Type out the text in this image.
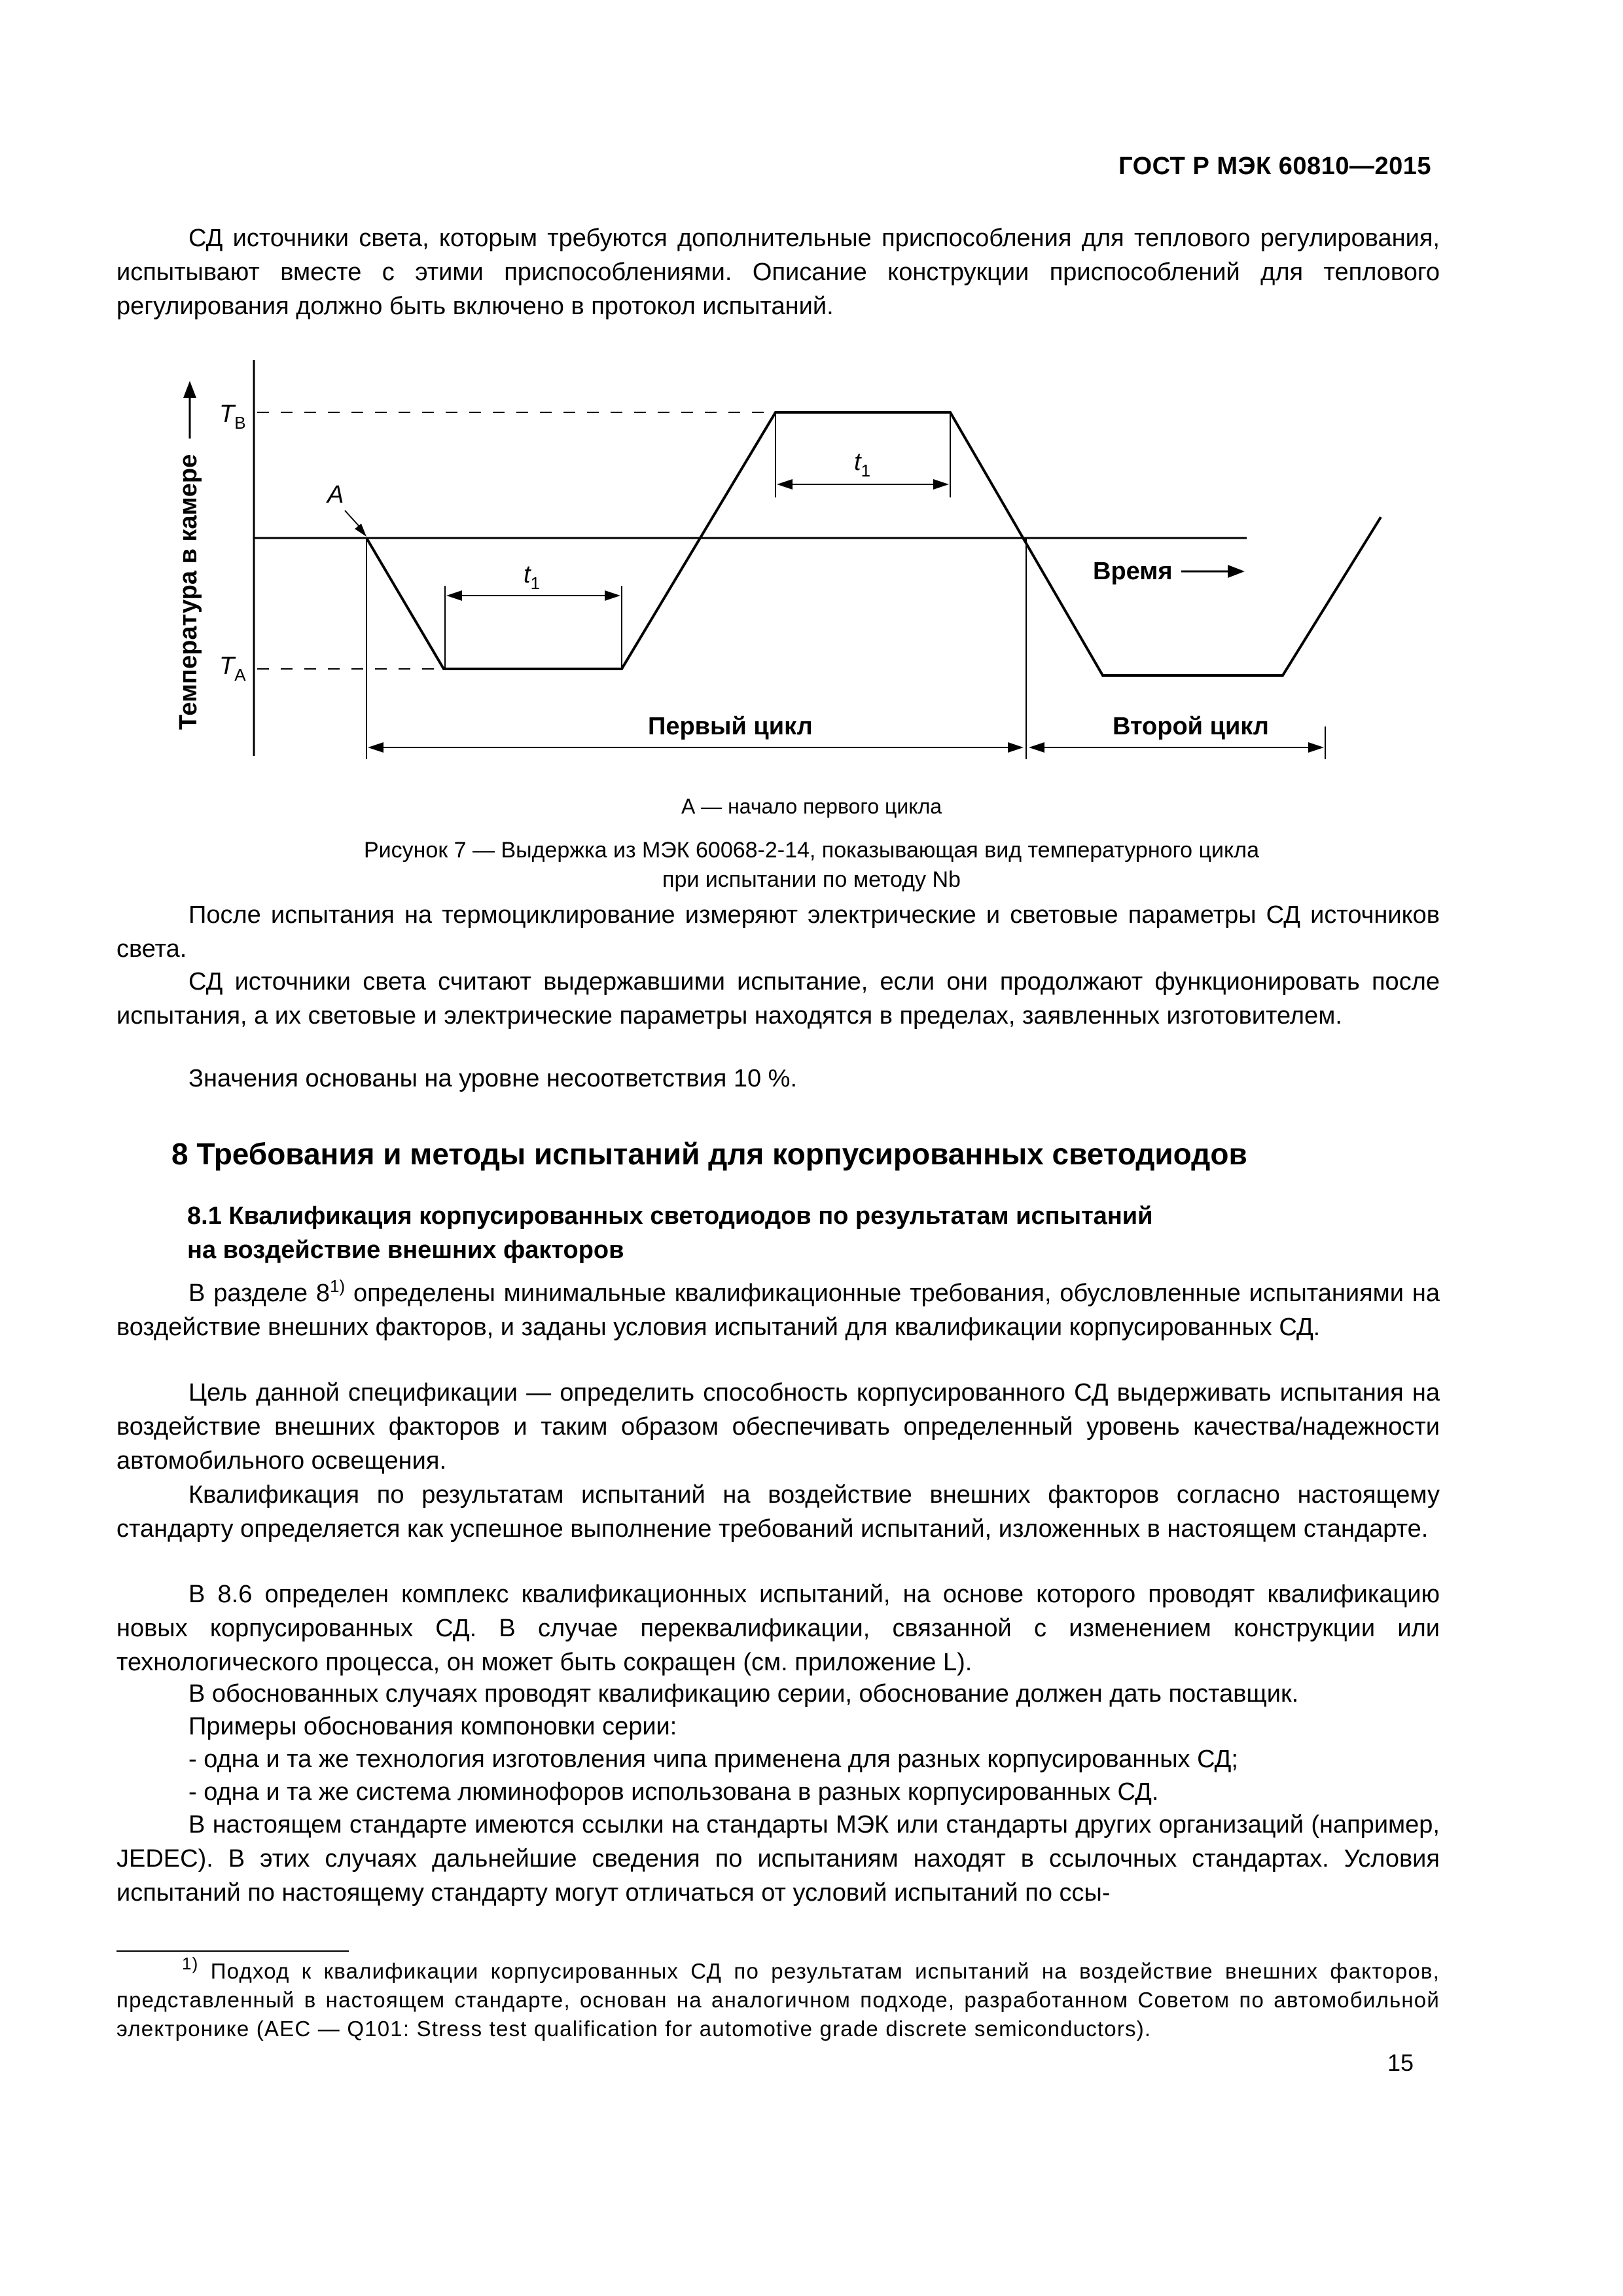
ГОСТ Р МЭК 60810—2015
СД источники света, которым требуются дополнительные приспособления для теплового регулирования, испытывают вместе с этими приспособлениями. Описание конструкции приспособлений для теплового регулирования должно быть включено в протокол испытаний.
Температура в камере
$T_B$
$T_A$
A
$t_1$
$t_1$
Время
Первый цикл	Второй цикл
А — начало первого цикла
Рисунок 7 — Выдержка из МЭК 60068-2-14, показывающая вид температурного цикла
при испытании по методу Nb
После испытания на термоциклирование измеряют электрические и световые параметры СД источников света.
СД источники света считают выдержавшими испытание, если они продолжают функционировать после испытания, а их световые и электрические параметры находятся в пределах, заявленных изготовителем.
Значения основаны на уровне несоответствия 10 %.
8 Требования и методы испытаний для корпусированных светодиодов
8.1 Квалификация корпусированных светодиодов по результатам испытаний
на воздействие внешних факторов
В разделе 8$^{1)}$ определены минимальные квалификационные требования, обусловленные испытаниями на воздействие внешних факторов, и заданы условия испытаний для квалификации корпусированных СД.
Цель данной спецификации — определить способность корпусированного СД выдерживать испытания на воздействие внешних факторов и таким образом обеспечивать определенный уровень качества/надежности автомобильного освещения.
Квалификация по результатам испытаний на воздействие внешних факторов согласно настоящему стандарту определяется как успешное выполнение требований испытаний, изложенных в настоящем стандарте.
В 8.6 определен комплекс квалификационных испытаний, на основе которого проводят квалификацию новых корпусированных СД. В случае переквалификации, связанной с изменением конструкции или технологического процесса, он может быть сокращен (см. приложение L).
В обоснованных случаях проводят квалификацию серии, обоснование должен дать поставщик.
Примеры обоснования компоновки серии:
- одна и та же технология изготовления чипа применена для разных корпусированных СД;
- одна и та же система люминофоров использована в разных корпусированных СД.
В настоящем стандарте имеются ссылки на стандарты МЭК или стандарты других организаций (например, JEDEC). В этих случаях дальнейшие сведения по испытаниям находят в ссылочных стандартах. Условия испытаний по настоящему стандарту могут отличаться от условий испытаний по ссы-
$^{1)}$ Подход к квалификации корпусированных СД по результатам испытаний на воздействие внешних факторов, представленный в настоящем стандарте, основан на аналогичном подходе, разработанном Советом по автомобильной электронике (AEC — Q101: Stress test qualification for automotive grade discrete semiconductors).
15
